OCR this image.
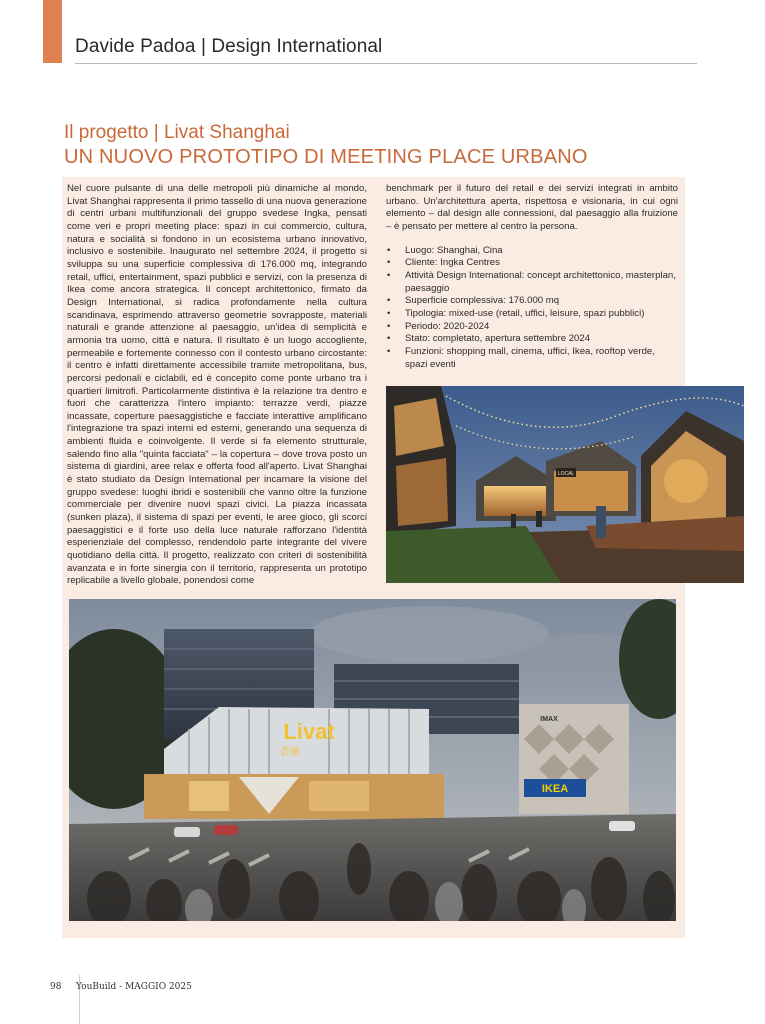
Davide Padoa | Design International
Il progetto | Livat Shanghai
UN NUOVO PROTOTIPO DI MEETING PLACE URBANO

Nel cuore pulsante di una delle metropoli più dinamiche al mondo, Livat Shanghai rappresenta il primo tassello di una nuova generazione di centri urbani multifunzionali del gruppo svedese Ingka, pensati come veri e propri meeting place: spazi in cui commercio, cultura, natura e socialità si fondono in un ecosistema urbano innovativo, inclusivo e sostenibile. Inaugurato nel settembre 2024, il progetto si sviluppa su una superficie complessiva di 176.000 mq, integrando retail, uffici, entertainment, spazi pubblici e servizi, con la presenza di Ikea come ancora strategica. Il concept architettonico, firmato da Design International, si radica profondamente nella cultura scandinava, esprimendo attraverso geometrie sovrapposte, materiali naturali e grande attenzione al paesaggio, un'idea di semplicità e armonia tra uomo, città e natura. Il risultato è un luogo accogliente, permeabile e fortemente connesso con il contesto urbano circostante: il centro è infatti direttamente accessibile tramite metropolitana, bus, percorsi pedonali e ciclabili, ed è concepito come ponte urbano tra i quartieri limitrofi. Particolarmente distintiva è la relazione tra dentro e fuori che caratterizza l'intero impianto: terrazze verdi, piazze incassate, coperture paesaggistiche e facciate interattive amplificano l'integrazione tra spazi interni ed esterni, generando una sequenza di ambienti fluida e coinvolgente. Il verde si fa elemento strutturale, salendo fino alla "quinta facciata" – la copertura – dove trova posto un sistema di giardini, aree relax e offerta food all'aperto. Livat Shanghai è stato studiato da Design International per incarnare la visione del gruppo svedese: luoghi ibridi e sostenibili che vanno oltre la funzione commerciale per divenire nuovi spazi civici. La piazza incassata (sunken plaza), il sistema di spazi per eventi, le aree gioco, gli scorci paesaggistici e il forte uso della luce naturale rafforzano l'identità esperienziale del complesso, rendendolo parte integrante del vivere quotidiano della città. Il progetto, realizzato con criteri di sostenibilità avanzata e in forte sinergia con il territorio, rappresenta un prototipo replicabile a livello globale, ponendosi come

benchmark per il futuro del retail e dei servizi integrati in ambito urbano. Un'architettura aperta, rispettosa e visionaria, in cui ogni elemento – dal design alle connessioni, dal paesaggio alla fruizione – è pensato per mettere al centro la persona.

• Luogo: Shanghai, Cina
• Cliente: Ingka Centres
• Attività Design International: concept architettonico, masterplan, paesaggio
• Superficie complessiva: 176.000 mq
• Tipologia: mixed-use (retail, uffici, leisure, spazi pubblici)
• Periodo: 2020-2024
• Stato: completato, apertura settembre 2024
• Funzioni: shopping mall, cinema, uffici, Ikea, rooftop verde, spazi eventi
LOCAL
Livat
荟聚
IMAX
IKEA
98 YouBuild - MAGGIO 2025
